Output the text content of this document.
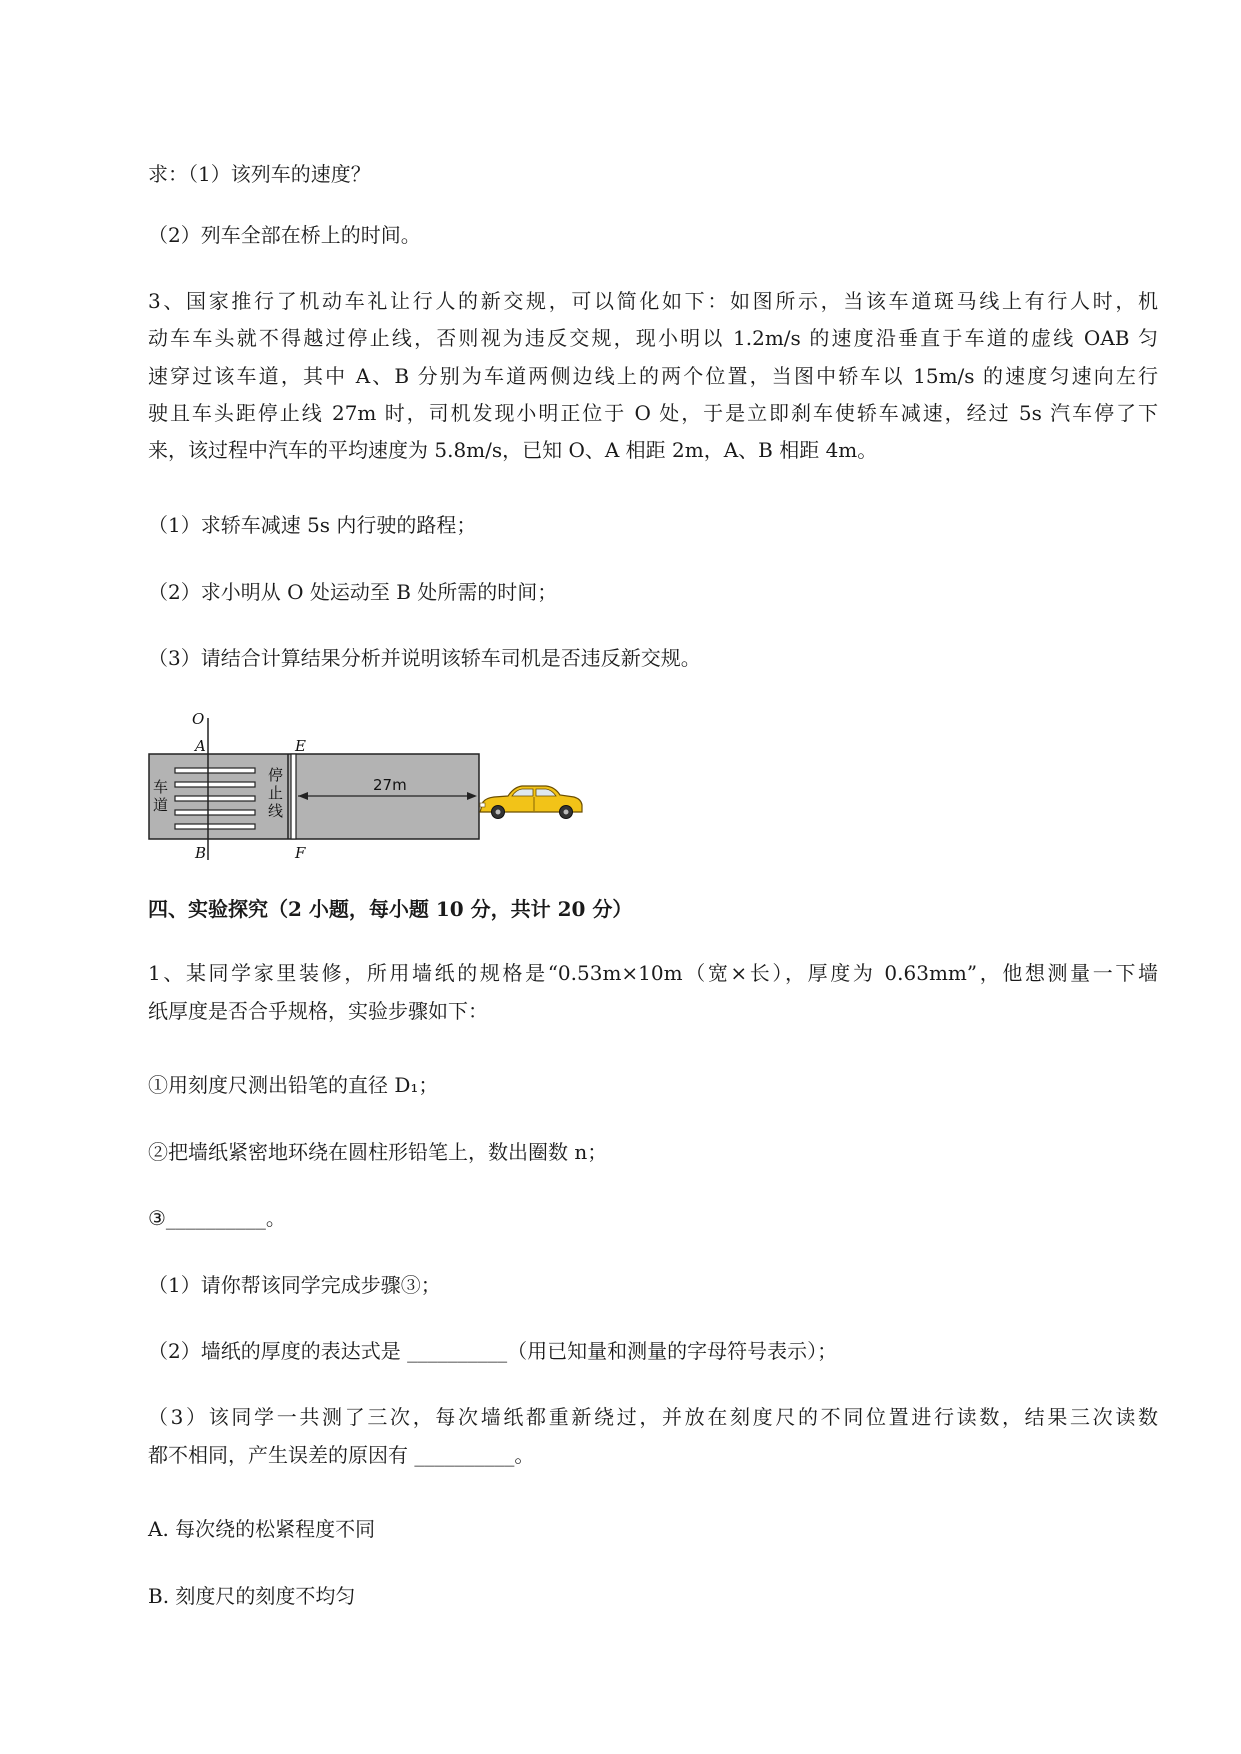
求：（1）该列车的速度？
（2）列车全部在桥上的时间。
3、国家推行了机动车礼让行人的新交规，可以简化如下：如图所示，当该车道斑马线上有行人时，机
动车车头就不得越过停止线，否则视为违反交规，现小明以 1.2m/s 的速度沿垂直于车道的虚线 OAB 匀
速穿过该车道，其中 A、B 分别为车道两侧边线上的两个位置，当图中轿车以 15m/s 的速度匀速向左行
驶且车头距停止线 27m 时，司机发现小明正位于 O 处，于是立即刹车使轿车减速，经过 5s 汽车停了下
来，该过程中汽车的平均速度为 5.8m/s，已知 O、A 相距 2m，A、B 相距 4m。
（1）求轿车减速 5s 内行驶的路程；
（2）求小明从 O 处运动至 B 处所需的时间；
（3）请结合计算结果分析并说明该轿车司机是否违反新交规。
O
A
B
E
F
车
道
停
止
线
27m
四、实验探究（2 小题，每小题 10 分，共计 20 分）
1、某同学家里装修，所用墙纸的规格是“0.53m×10m（宽×长），厚度为 0.63mm”，他想测量一下墙
纸厚度是否合乎规格，实验步骤如下：
①用刻度尺测出铅笔的直径 D₁；
②把墙纸紧密地环绕在圆柱形铅笔上，数出圈数 n；
③__________。
（1）请你帮该同学完成步骤③；
（2）墙纸的厚度的表达式是 __________（用已知量和测量的字母符号表示）；
（3）该同学一共测了三次，每次墙纸都重新绕过，并放在刻度尺的不同位置进行读数，结果三次读数
都不相同，产生误差的原因有 __________。
A. 每次绕的松紧程度不同
B. 刻度尺的刻度不均匀
